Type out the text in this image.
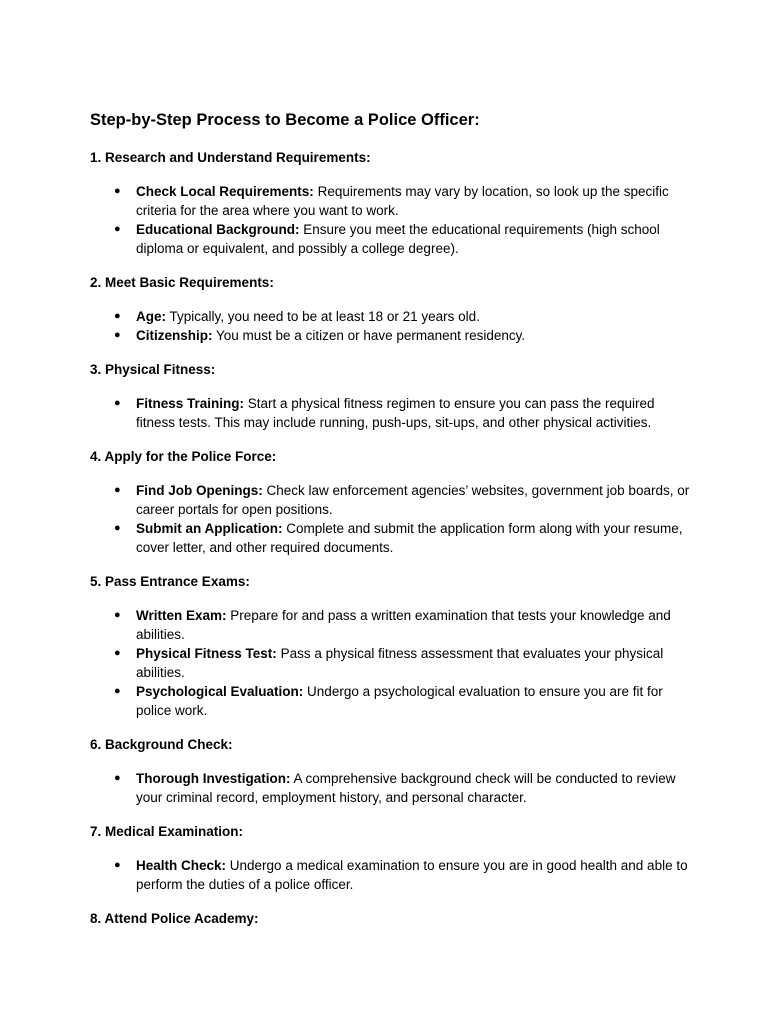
Step-by-Step Process to Become a Police Officer:
1. Research and Understand Requirements:
● Check Local Requirements: Requirements may vary by location, so look up the specific criteria for the area where you want to work.
● Educational Background: Ensure you meet the educational requirements (high school diploma or equivalent, and possibly a college degree).
2. Meet Basic Requirements:
● Age: Typically, you need to be at least 18 or 21 years old.
● Citizenship: You must be a citizen or have permanent residency.
3. Physical Fitness:
● Fitness Training: Start a physical fitness regimen to ensure you can pass the required fitness tests. This may include running, push-ups, sit-ups, and other physical activities.
4. Apply for the Police Force:
● Find Job Openings: Check law enforcement agencies’ websites, government job boards, or career portals for open positions.
● Submit an Application: Complete and submit the application form along with your resume, cover letter, and other required documents.
5. Pass Entrance Exams:
● Written Exam: Prepare for and pass a written examination that tests your knowledge and abilities.
● Physical Fitness Test: Pass a physical fitness assessment that evaluates your physical abilities.
● Psychological Evaluation: Undergo a psychological evaluation to ensure you are fit for police work.
6. Background Check:
● Thorough Investigation: A comprehensive background check will be conducted to review your criminal record, employment history, and personal character.
7. Medical Examination:
● Health Check: Undergo a medical examination to ensure you are in good health and able to perform the duties of a police officer.
8. Attend Police Academy:
